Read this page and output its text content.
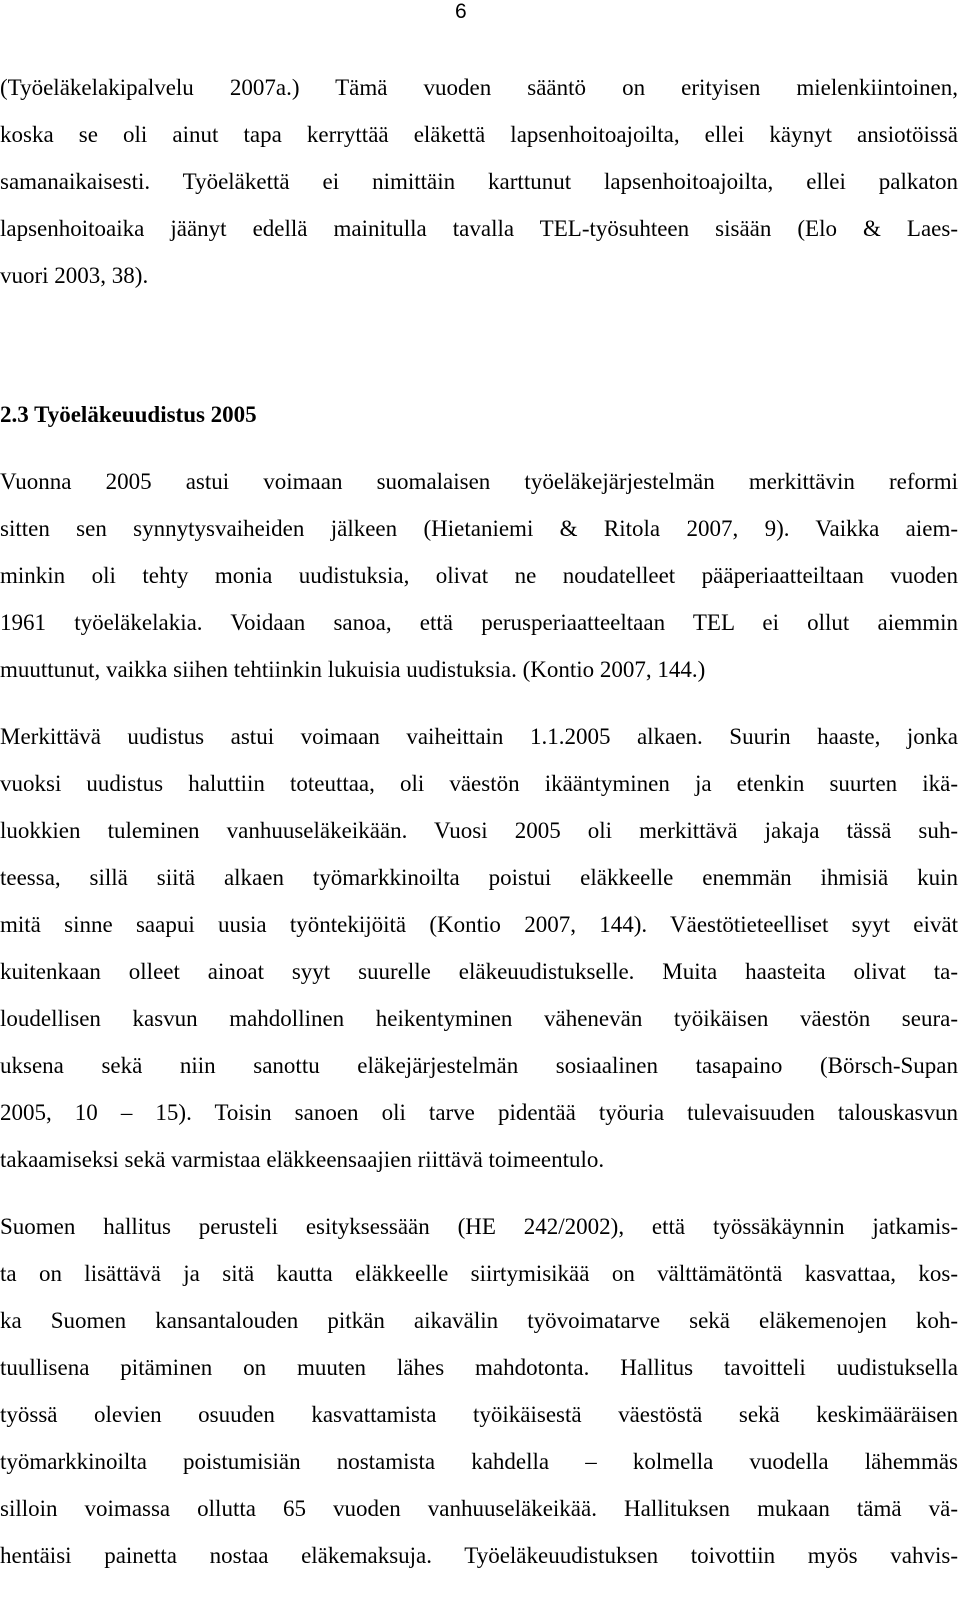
6
(Työeläkelakipalvelu 2007a.) Tämä vuoden sääntö on erityisen mielenkiintoinen,
koska se oli ainut tapa kerryttää eläkettä lapsenhoitoajoilta, ellei käynyt ansiotöissä
samanaikaisesti. Työeläkettä ei nimittäin karttunut lapsenhoitoajoilta, ellei palkaton
lapsenhoitoaika jäänyt edellä mainitulla tavalla TEL-työsuhteen sisään (Elo & Laes-
vuori 2003, 38).
2.3 Työeläkeuudistus 2005
Vuonna 2005 astui voimaan suomalaisen työeläkejärjestelmän merkittävin reformi
sitten sen synnytysvaiheiden jälkeen (Hietaniemi & Ritola 2007, 9). Vaikka aiem-
minkin oli tehty monia uudistuksia, olivat ne noudatelleet pääperiaatteiltaan vuoden
1961 työeläkelakia. Voidaan sanoa, että perusperiaatteeltaan TEL ei ollut aiemmin
muuttunut, vaikka siihen tehtiinkin lukuisia uudistuksia. (Kontio 2007, 144.)
Merkittävä uudistus astui voimaan vaiheittain 1.1.2005 alkaen. Suurin haaste, jonka
vuoksi uudistus haluttiin toteuttaa, oli väestön ikääntyminen ja etenkin suurten ikä-
luokkien tuleminen vanhuuseläkeikään. Vuosi 2005 oli merkittävä jakaja tässä suh-
teessa, sillä siitä alkaen työmarkkinoilta poistui eläkkeelle enemmän ihmisiä kuin
mitä sinne saapui uusia työntekijöitä (Kontio 2007, 144). Väestötieteelliset syyt eivät
kuitenkaan olleet ainoat syyt suurelle eläkeuudistukselle. Muita haasteita olivat ta-
loudellisen kasvun mahdollinen heikentyminen vähenevän työikäisen väestön seura-
uksena sekä niin sanottu eläkejärjestelmän sosiaalinen tasapaino (Börsch-Supan
2005, 10 – 15). Toisin sanoen oli tarve pidentää työuria tulevaisuuden talouskasvun
takaamiseksi sekä varmistaa eläkkeensaajien riittävä toimeentulo.
Suomen hallitus perusteli esityksessään (HE 242/2002), että työssäkäynnin jatkamis-
ta on lisättävä ja sitä kautta eläkkeelle siirtymisikää on välttämätöntä kasvattaa, kos-
ka Suomen kansantalouden pitkän aikavälin työvoimatarve sekä eläkemenojen koh-
tuullisena pitäminen on muuten lähes mahdotonta. Hallitus tavoitteli uudistuksella
työssä olevien osuuden kasvattamista työikäisestä väestöstä sekä keskimääräisen
työmarkkinoilta poistumisiän nostamista kahdella – kolmella vuodella lähemmäs
silloin voimassa ollutta 65 vuoden vanhuuseläkeikää. Hallituksen mukaan tämä vä-
hentäisi painetta nostaa eläkemaksuja. Työeläkeuudistuksen toivottiin myös vahvis-
